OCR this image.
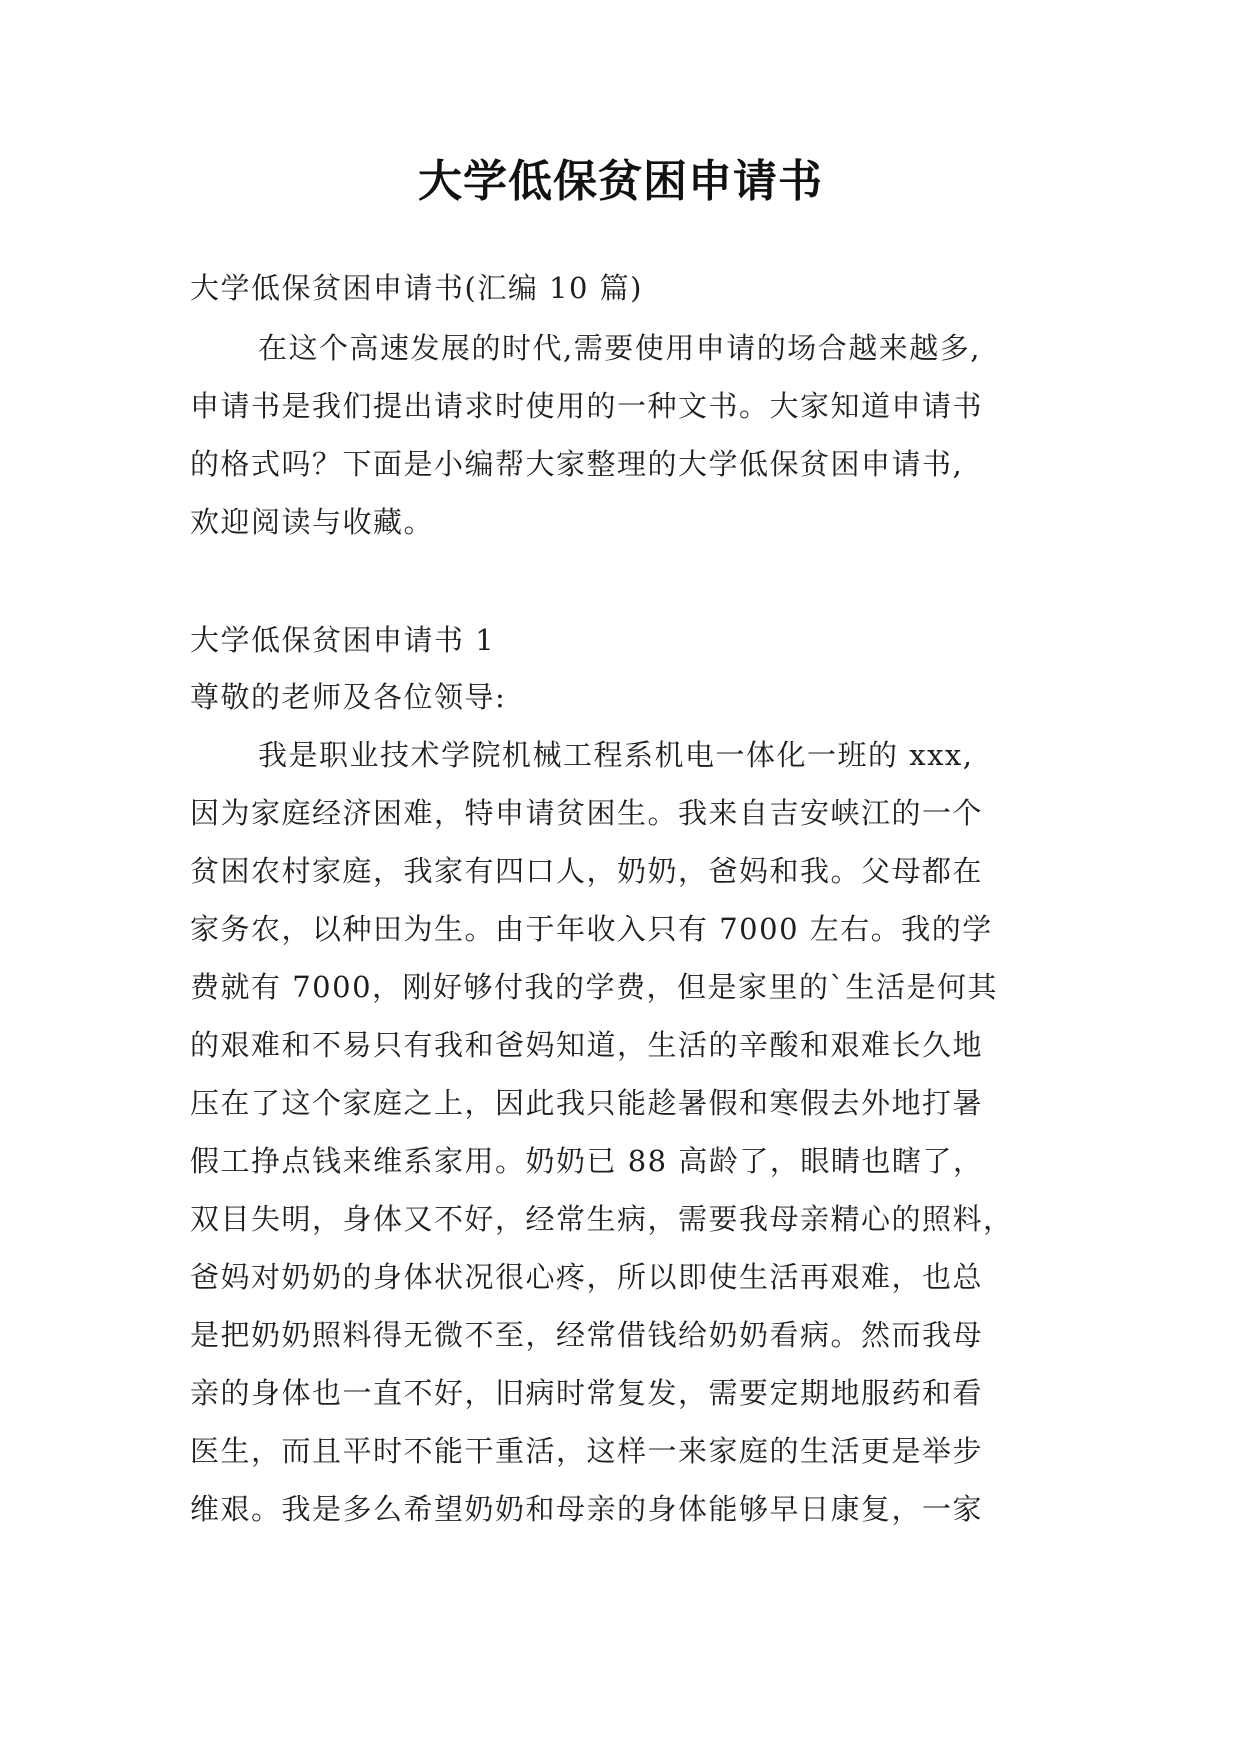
大学低保贫困申请书
大学低保贫困申请书(汇编 10 篇)
在这个高速发展的时代,需要使用申请的场合越来越多,
申请书是我们提出请求时使用的一种文书。大家知道申请书
的格式吗？下面是小编帮大家整理的大学低保贫困申请书,
欢迎阅读与收藏。
大学低保贫困申请书 1
尊敬的老师及各位领导:
我是职业技术学院机械工程系机电一体化一班的 xxx,
因为家庭经济困难，特申请贫困生。我来自吉安峡江的一个
贫困农村家庭，我家有四口人，奶奶，爸妈和我。父母都在
家务农，以种田为生。由于年收入只有 7000 左右。我的学
费就有 7000，刚好够付我的学费，但是家里的`生活是何其
的艰难和不易只有我和爸妈知道，生活的辛酸和艰难长久地
压在了这个家庭之上，因此我只能趁暑假和寒假去外地打暑
假工挣点钱来维系家用。奶奶已 88 高龄了，眼睛也瞎了，
双目失明，身体又不好，经常生病，需要我母亲精心的照料，
爸妈对奶奶的身体状况很心疼，所以即使生活再艰难，也总
是把奶奶照料得无微不至，经常借钱给奶奶看病。然而我母
亲的身体也一直不好，旧病时常复发，需要定期地服药和看
医生，而且平时不能干重活，这样一来家庭的生活更是举步
维艰。我是多么希望奶奶和母亲的身体能够早日康复，一家
